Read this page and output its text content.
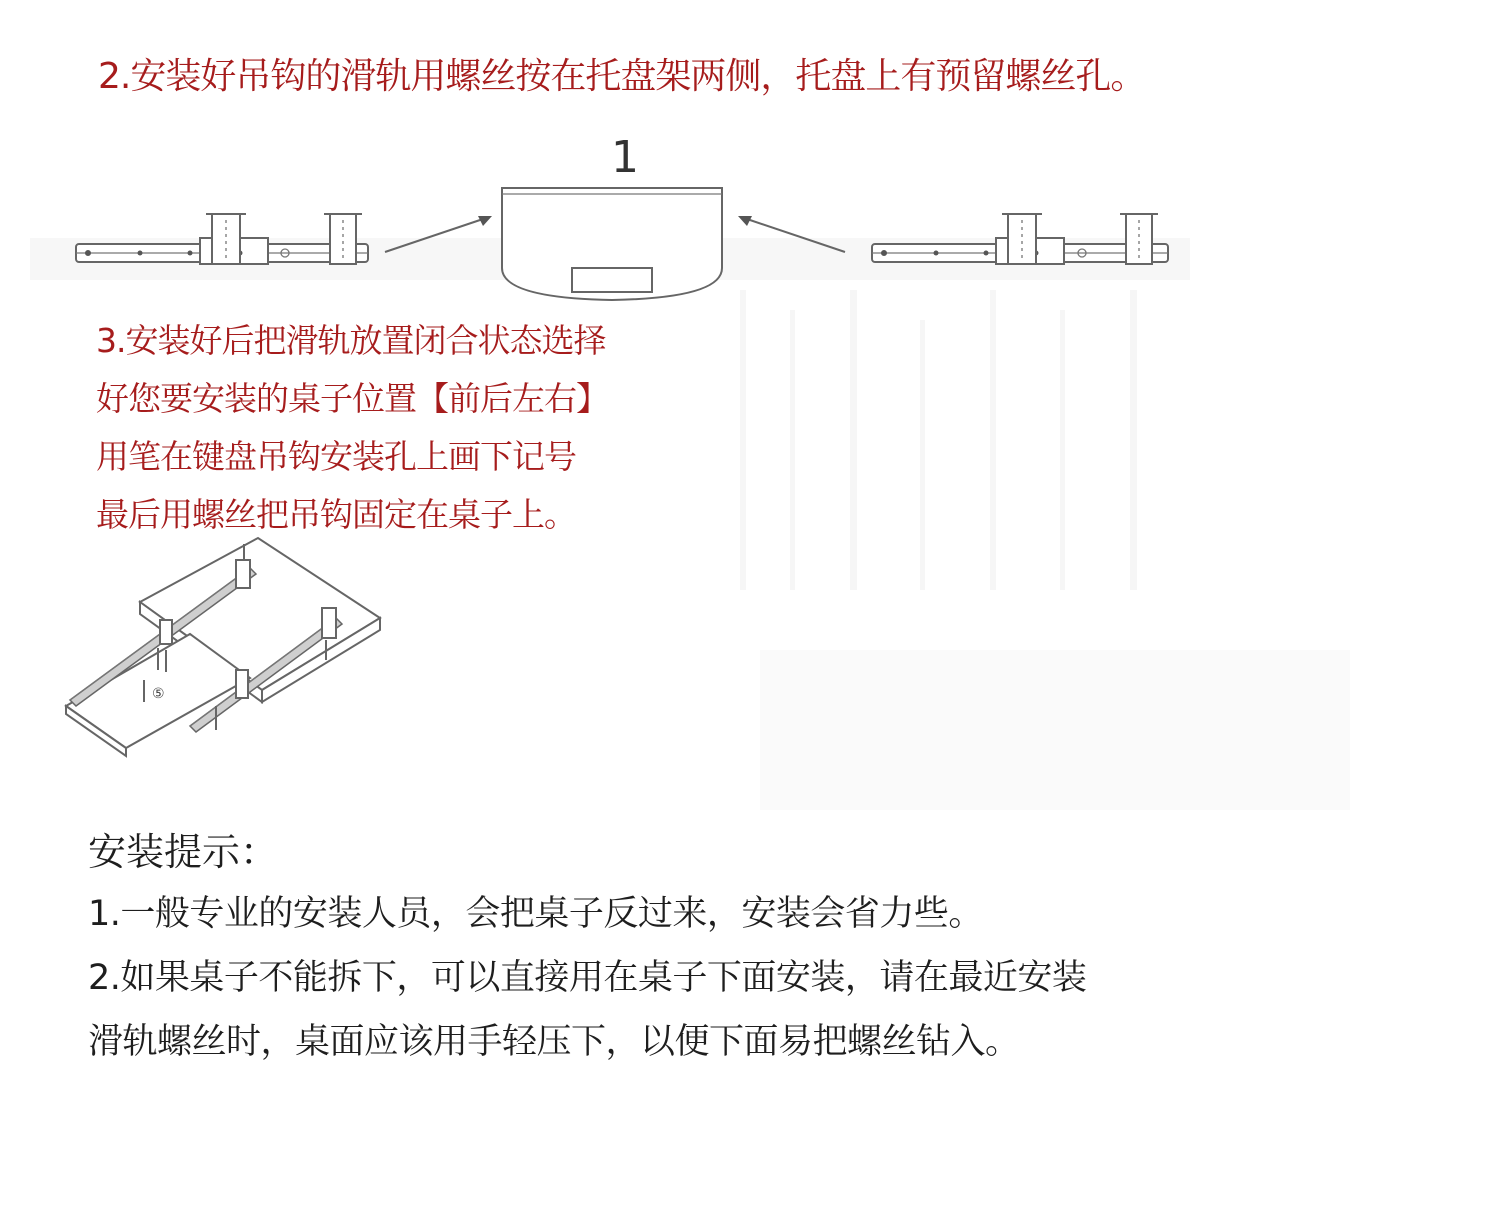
2.安装好吊钩的滑轨用螺丝按在托盘架两侧，托盘上有预留螺丝孔。
1
3.安装好后把滑轨放置闭合状态选择
好您要安装的桌子位置【前后左右】
用笔在键盘吊钩安装孔上画下记号
最后用螺丝把吊钩固定在桌子上。
⑤
安装提示：
1.一般专业的安装人员，会把桌子反过来，安装会省力些。
2.如果桌子不能拆下，可以直接用在桌子下面安装，请在最近安装
滑轨螺丝时，桌面应该用手轻压下，以便下面易把螺丝钻入。
